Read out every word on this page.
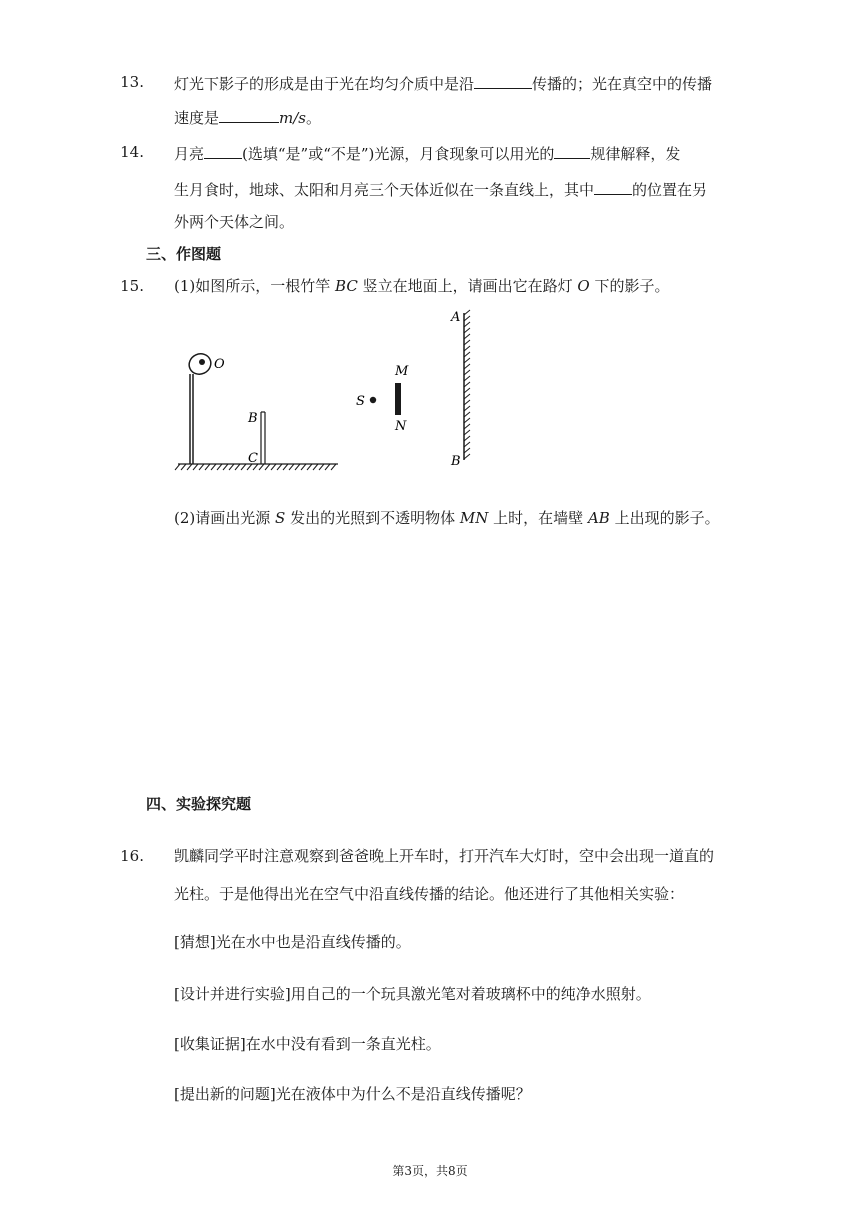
13. 灯光下影子的形成是由于光在均匀介质中是沿	传播的；光在真空中的传播
速度是	m/s。
14. 月亮	(选填“是”或“不是”)光源，月食现象可以用光的 规律解释，发
生月食时，地球、太阳和月亮三个天体近似在一条直线上，其中	的位置在另
外两个天体之间。
三、作图题
15. (1)如图所示，一根竹竿 BC 竖立在地面上，请画出它在路灯 O 下的影子。
O
B
C
S
M
N
A
B
(2)请画出光源 S 发出的光照到不透明物体 MN 上时，在墙壁 AB 上出现的影子。
四、实验探究题
16. 凯麟同学平时注意观察到爸爸晚上开车时，打开汽车大灯时，空中会出现一道直的
光柱。于是他得出光在空气中沿直线传播的结论。他还进行了其他相关实验：
[猜想]光在水中也是沿直线传播的。
[设计并进行实验]用自己的一个玩具激光笔对着玻璃杯中的纯净水照射。
[收集证据]在水中没有看到一条直光柱。
[提出新的问题]光在液体中为什么不是沿直线传播呢？
第3页，共8页
